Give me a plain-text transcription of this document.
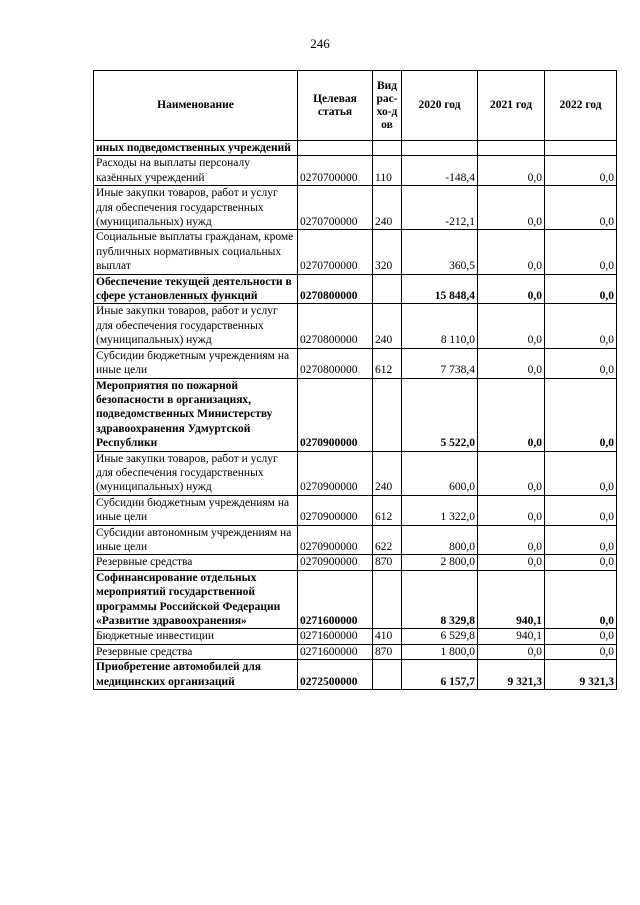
246
Наименование	Целевая статья	Вид рас-хо-дов	2020 год	2021 год	2022 год
иных подведомственных учреждений					
Расходы на выплаты персоналу казённых учреждений	0270700000	110	-148,4	0,0	0,0
Иные закупки товаров, работ и услуг для обеспечения государственных (муниципальных) нужд	0270700000	240	-212,1	0,0	0,0
Социальные выплаты гражданам, кроме публичных нормативных социальных выплат	0270700000	320	360,5	0,0	0,0
Обеспечение текущей деятельности в сфере установленных функций	0270800000		15 848,4	0,0	0,0
Иные закупки товаров, работ и услуг для обеспечения государственных (муниципальных) нужд	0270800000	240	8 110,0	0,0	0,0
Субсидии бюджетным учреждениям на иные цели	0270800000	612	7 738,4	0,0	0,0
Мероприятия по пожарной безопасности в организациях, подведомственных Министерству здравоохранения Удмуртской Республики	0270900000		5 522,0	0,0	0,0
Иные закупки товаров, работ и услуг для обеспечения государственных (муниципальных) нужд	0270900000	240	600,0	0,0	0,0
Субсидии бюджетным учреждениям на иные цели	0270900000	612	1 322,0	0,0	0,0
Субсидии автономным учреждениям на иные цели	0270900000	622	800,0	0,0	0,0
Резервные средства	0270900000	870	2 800,0	0,0	0,0
Софинансирование отдельных мероприятий государственной программы Российской Федерации «Развитие здравоохранения»	0271600000		8 329,8	940,1	0,0
Бюджетные инвестиции	0271600000	410	6 529,8	940,1	0,0
Резервные средства	0271600000	870	1 800,0	0,0	0,0
Приобретение автомобилей для медицинских организаций	0272500000		6 157,7	9 321,3	9 321,3
